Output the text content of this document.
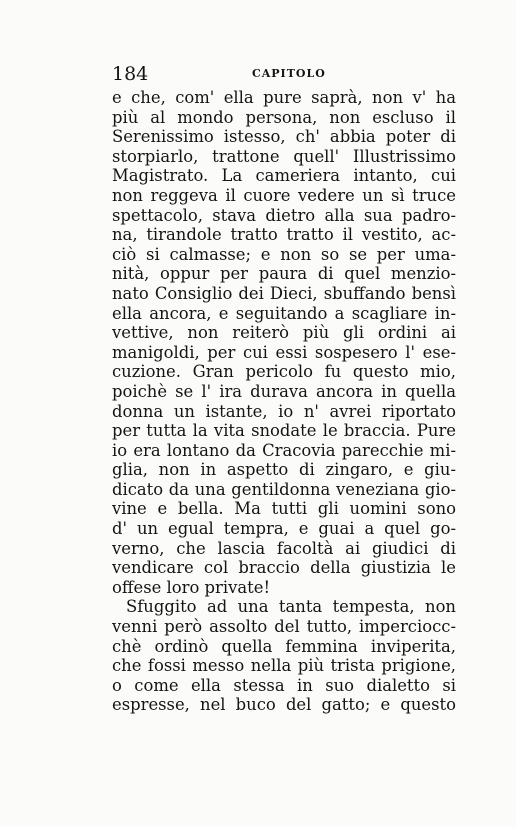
184	CAPITOLO
e che, com' ella pure saprà, non v' ha
più al mondo persona, non escluso il
Serenissimo istesso, ch' abbia poter di
storpiarlo, trattone quell' Illustrissimo
Magistrato. La cameriera intanto, cui
non reggeva il cuore vedere un sì truce
spettacolo, stava dietro alla sua padro-
na, tirandole tratto tratto il vestito, ac-
ciò si calmasse; e non so se per uma-
nità, oppur per paura di quel menzio-
nato Consiglio dei Dieci, sbuffando bensì
ella ancora, e seguitando a scagliare in-
vettive, non reiterò più gli ordini ai
manigoldi, per cui essi sospesero l' ese-
cuzione. Gran pericolo fu questo mio,
poichè se l' ira durava ancora in quella
donna un istante, io n' avrei riportato
per tutta la vita snodate le braccia. Pure
io era lontano da Cracovia parecchie mi-
glia, non in aspetto di zingaro, e giu-
dicato da una gentildonna veneziana gio-
vine e bella. Ma tutti gli uomini sono
d' un egual tempra, e guai a quel go-
verno, che lascia facoltà ai giudici di
vendicare col braccio della giustizia le
offese loro private!
Sfuggito ad una tanta tempesta, non
venni però assolto del tutto, imperciocc-
chè ordinò quella femmina inviperita,
che fossi messo nella più trista prigione,
o come ella stessa in suo dialetto si
espresse, nel buco del gatto; e questo
